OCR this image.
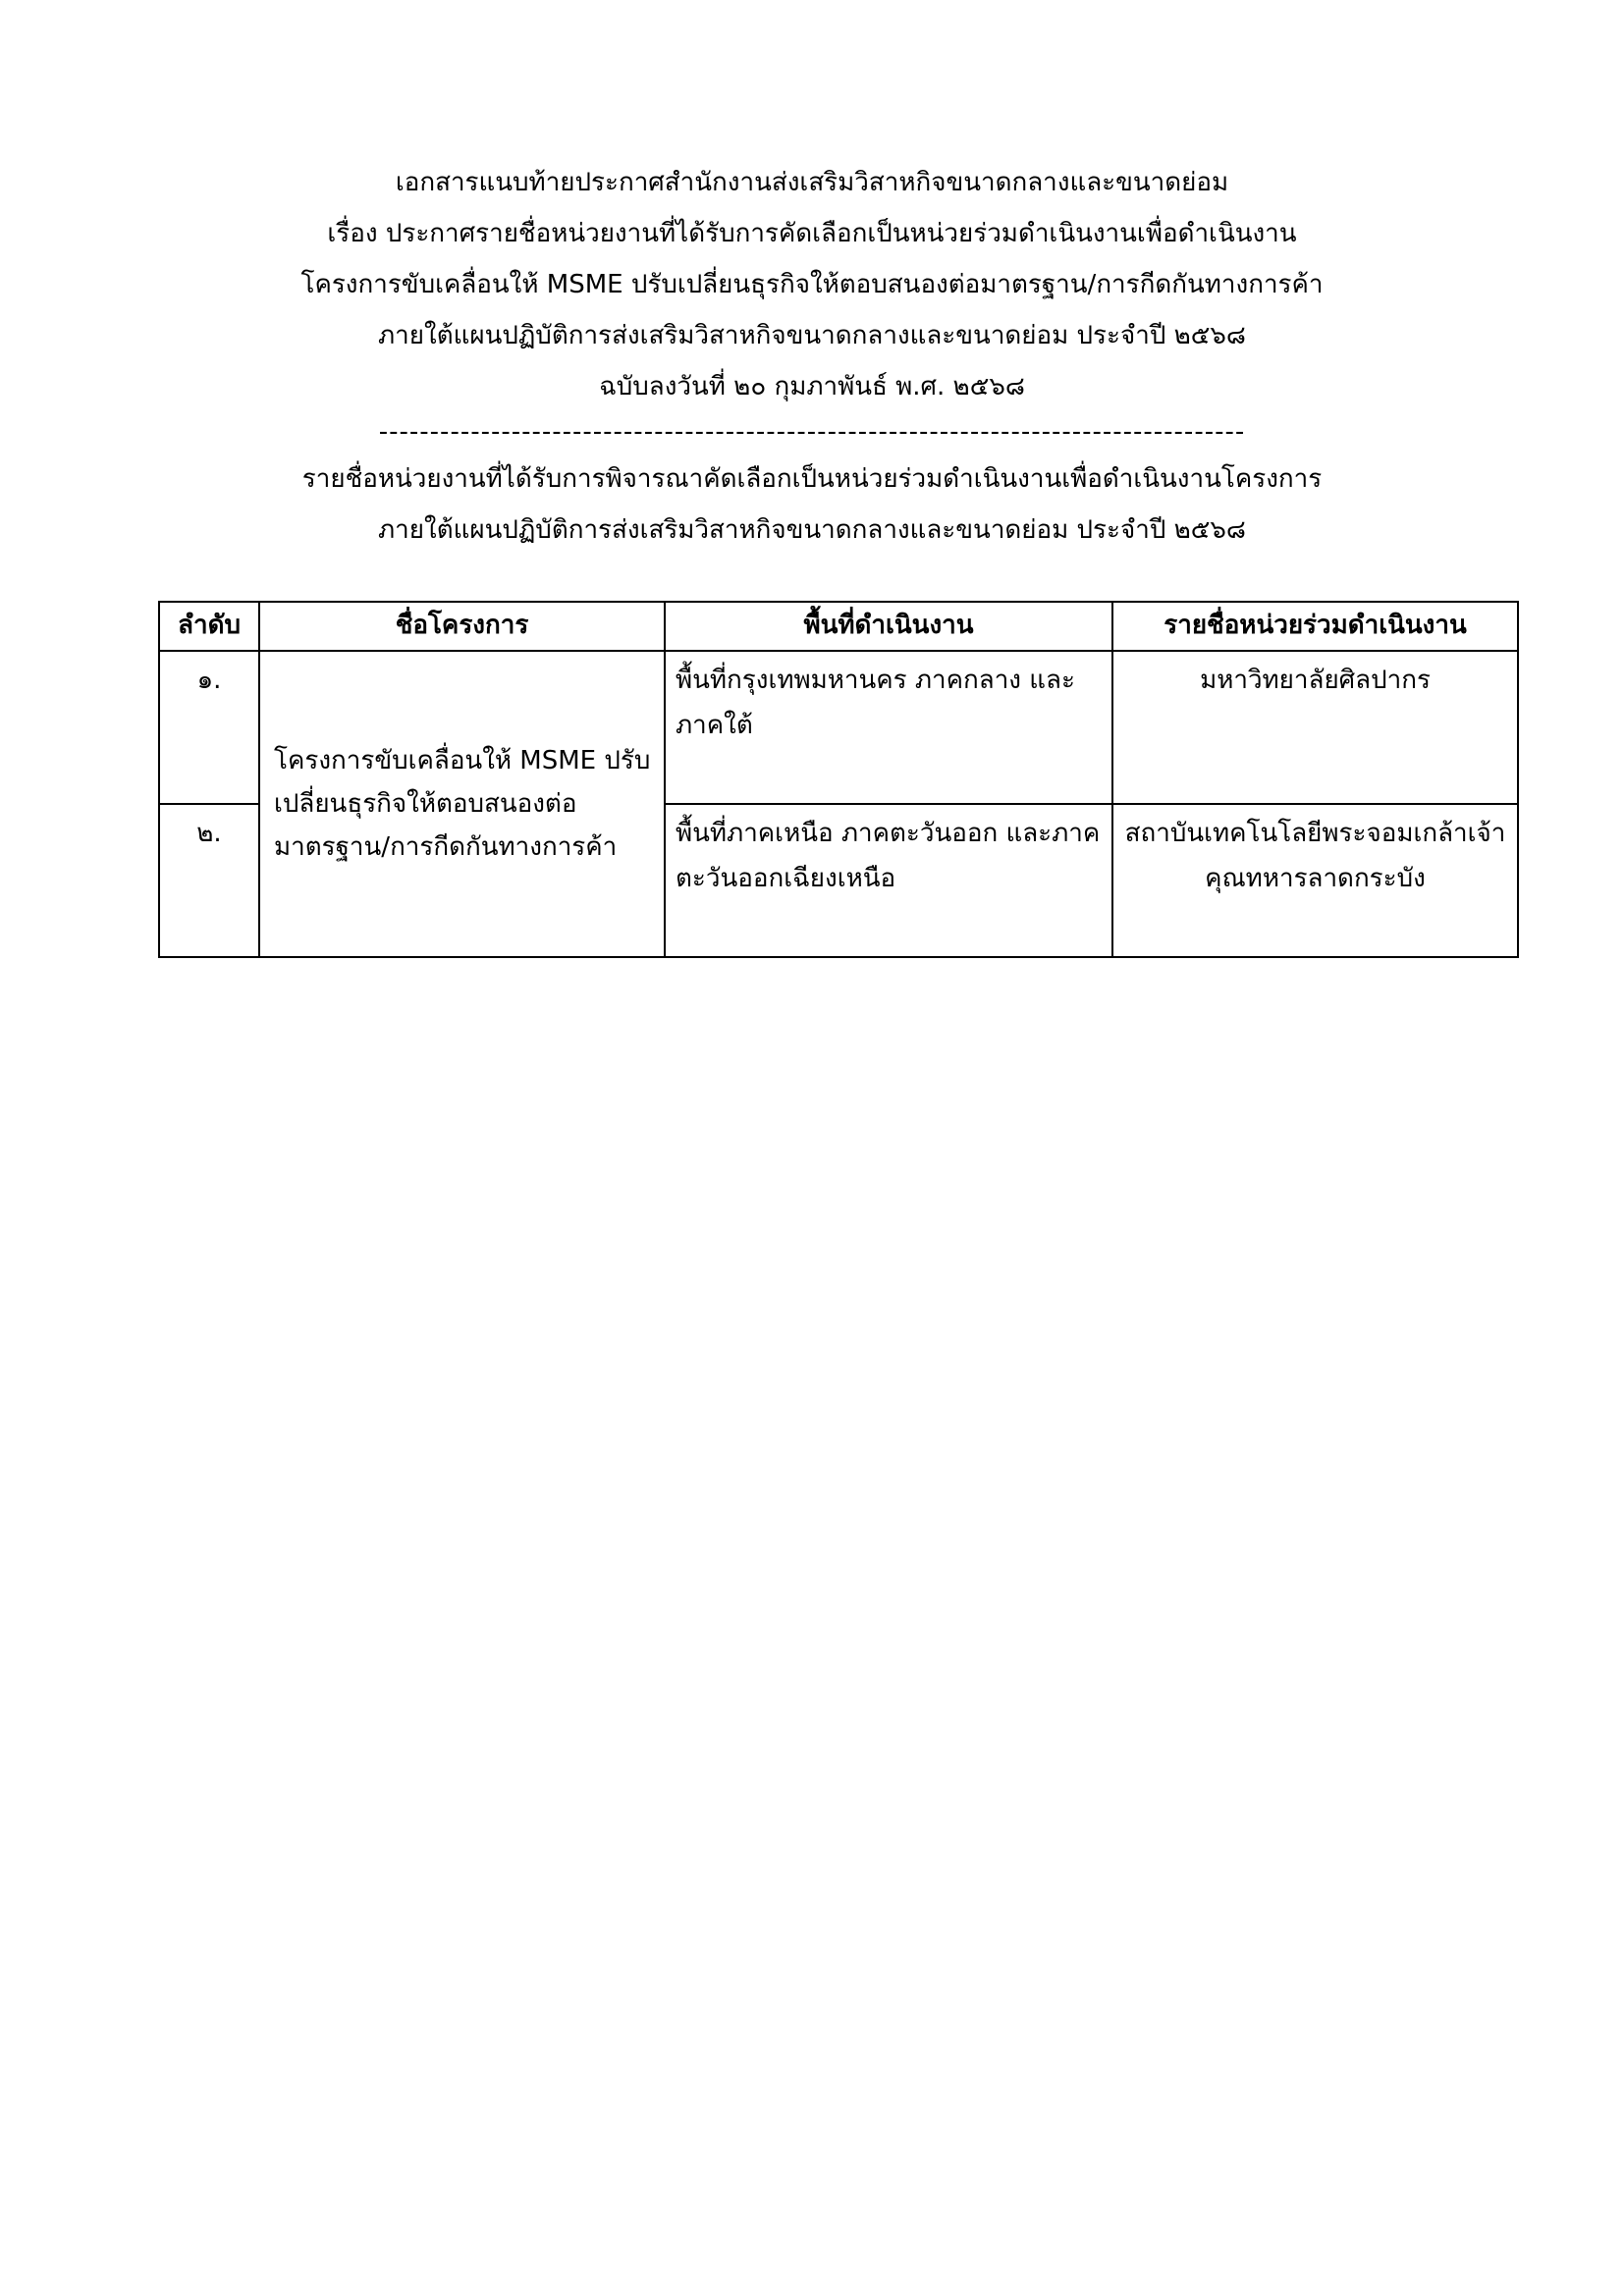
เอกสารแนบท้ายประกาศสำนักงานส่งเสริมวิสาหกิจขนาดกลางและขนาดย่อม
เรื่อง ประกาศรายชื่อหน่วยงานที่ได้รับการคัดเลือกเป็นหน่วยร่วมดำเนินงานเพื่อดำเนินงาน
โครงการขับเคลื่อนให้ MSME ปรับเปลี่ยนธุรกิจให้ตอบสนองต่อมาตรฐาน/การกีดกันทางการค้า
ภายใต้แผนปฏิบัติการส่งเสริมวิสาหกิจขนาดกลางและขนาดย่อม ประจำปี ๒๕๖๘
ฉบับลงวันที่ ๒๐ กุมภาพันธ์ พ.ศ. ๒๕๖๘
-------------------------------------------------------------------------------------
รายชื่อหน่วยงานที่ได้รับการพิจารณาคัดเลือกเป็นหน่วยร่วมดำเนินงานเพื่อดำเนินงานโครงการ
ภายใต้แผนปฏิบัติการส่งเสริมวิสาหกิจขนาดกลางและขนาดย่อม ประจำปี ๒๕๖๘
ลำดับ	ชื่อโครงการ	พื้นที่ดำเนินงาน	รายชื่อหน่วยร่วมดำเนินงาน
๑.	โครงการขับเคลื่อนให้ MSME ปรับเปลี่ยนธุรกิจให้ตอบสนองต่อมาตรฐาน/การกีดกันทางการค้า	พื้นที่กรุงเทพมหานคร ภาคกลาง และภาคใต้	มหาวิทยาลัยศิลปากร
๒.		พื้นที่ภาคเหนือ ภาคตะวันออก และภาคตะวันออกเฉียงเหนือ	สถาบันเทคโนโลยีพระจอมเกล้าเจ้าคุณทหารลาดกระบัง
